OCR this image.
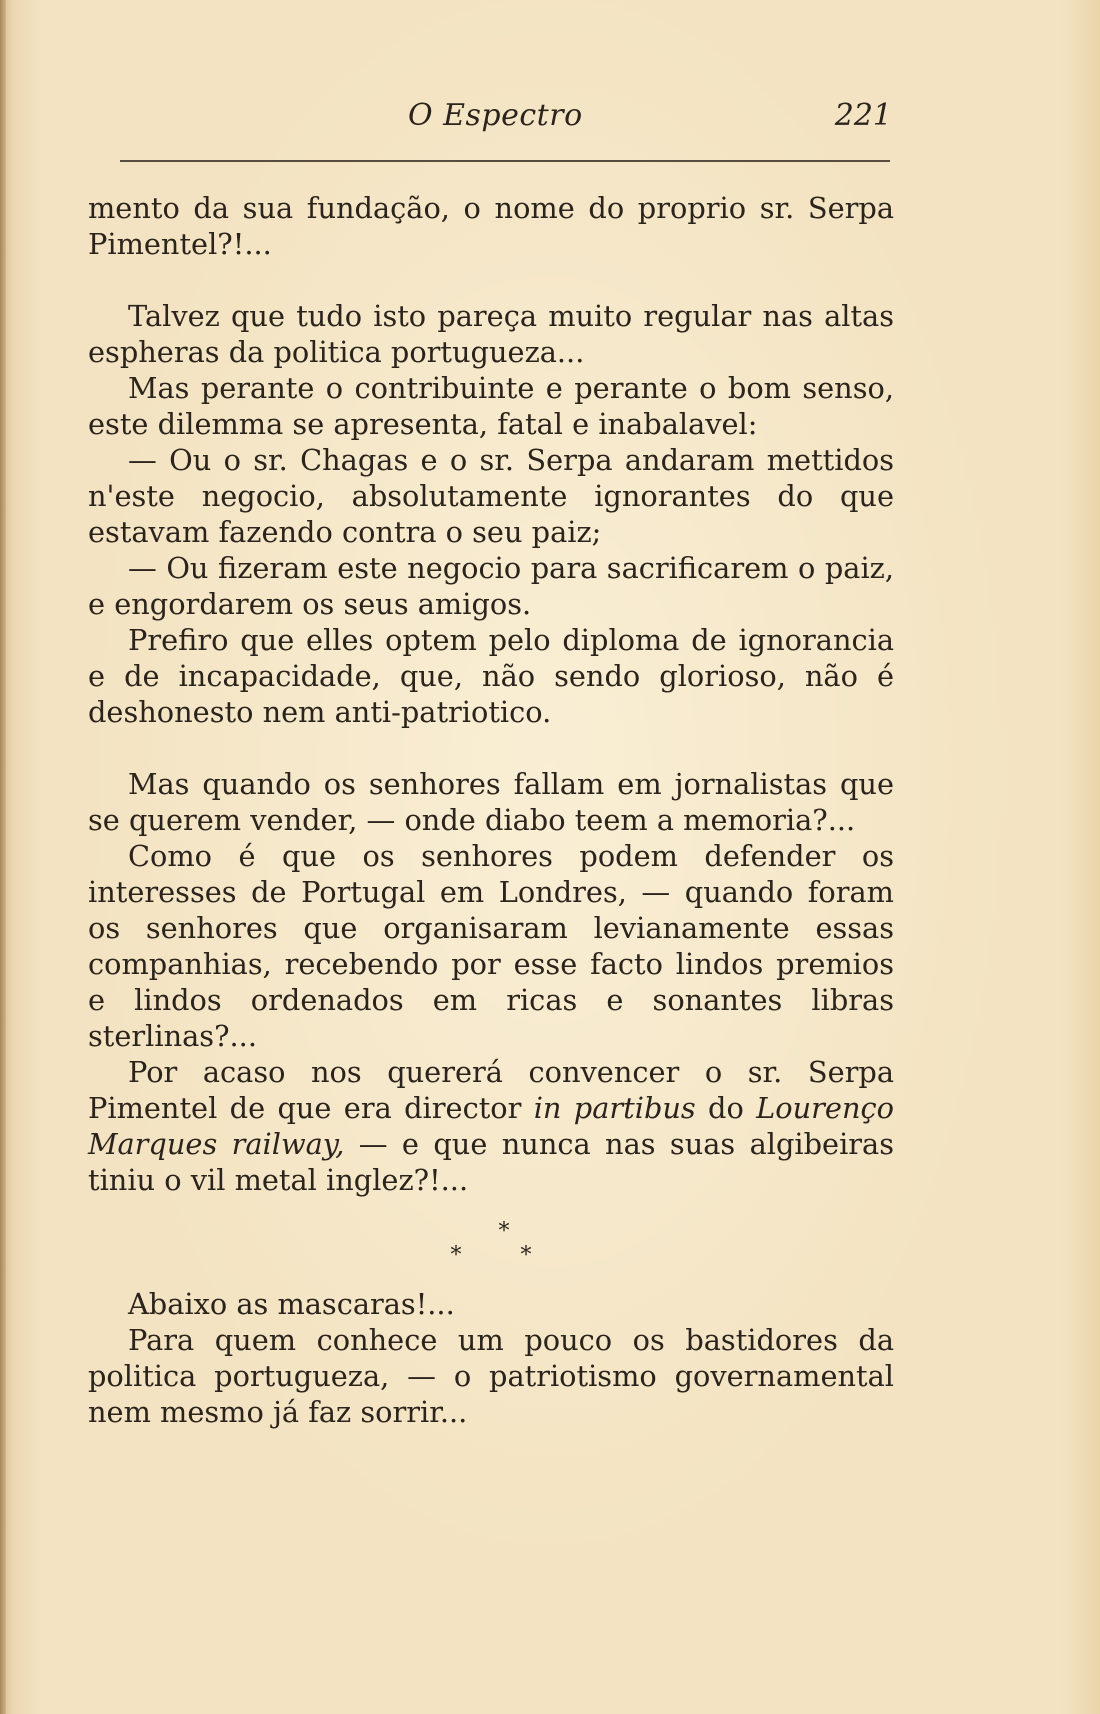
O Espectro	221

mento da sua fundação, o nome do proprio sr. Serpa Pimentel?!...

Talvez que tudo isto pareça muito regular nas altas espheras da politica portugueza...

Mas perante o contribuinte e perante o bom senso, este dilemma se apresenta, fatal e inabalavel:

— Ou o sr. Chagas e o sr. Serpa andaram mettidos n'este negocio, absolutamente ignorantes do que estavam fazendo contra o seu paiz;

— Ou fizeram este negocio para sacrificarem o paiz, e engordarem os seus amigos.

Prefiro que elles optem pelo diploma de ignorancia e de incapacidade, que, não sendo glorioso, não é deshonesto nem anti-patriotico.

Mas quando os senhores fallam em jornalistas que se querem vender, — onde diabo teem a memoria?...

Como é que os senhores podem defender os interesses de Portugal em Londres, — quando foram os senhores que organisaram levianamente essas companhias, recebendo por esse facto lindos premios e lindos ordenados em ricas e sonantes libras sterlinas?...

Por acaso nos quererá convencer o sr. Serpa Pimentel de que era director in partibus do Lourenço Marques railway, — e que nunca nas suas algibeiras tiniu o vil metal inglez?!...

*
* *

Abaixo as mascaras!...

Para quem conhece um pouco os bastidores da politica portugueza, — o patriotismo governamental nem mesmo já faz sorrir...
